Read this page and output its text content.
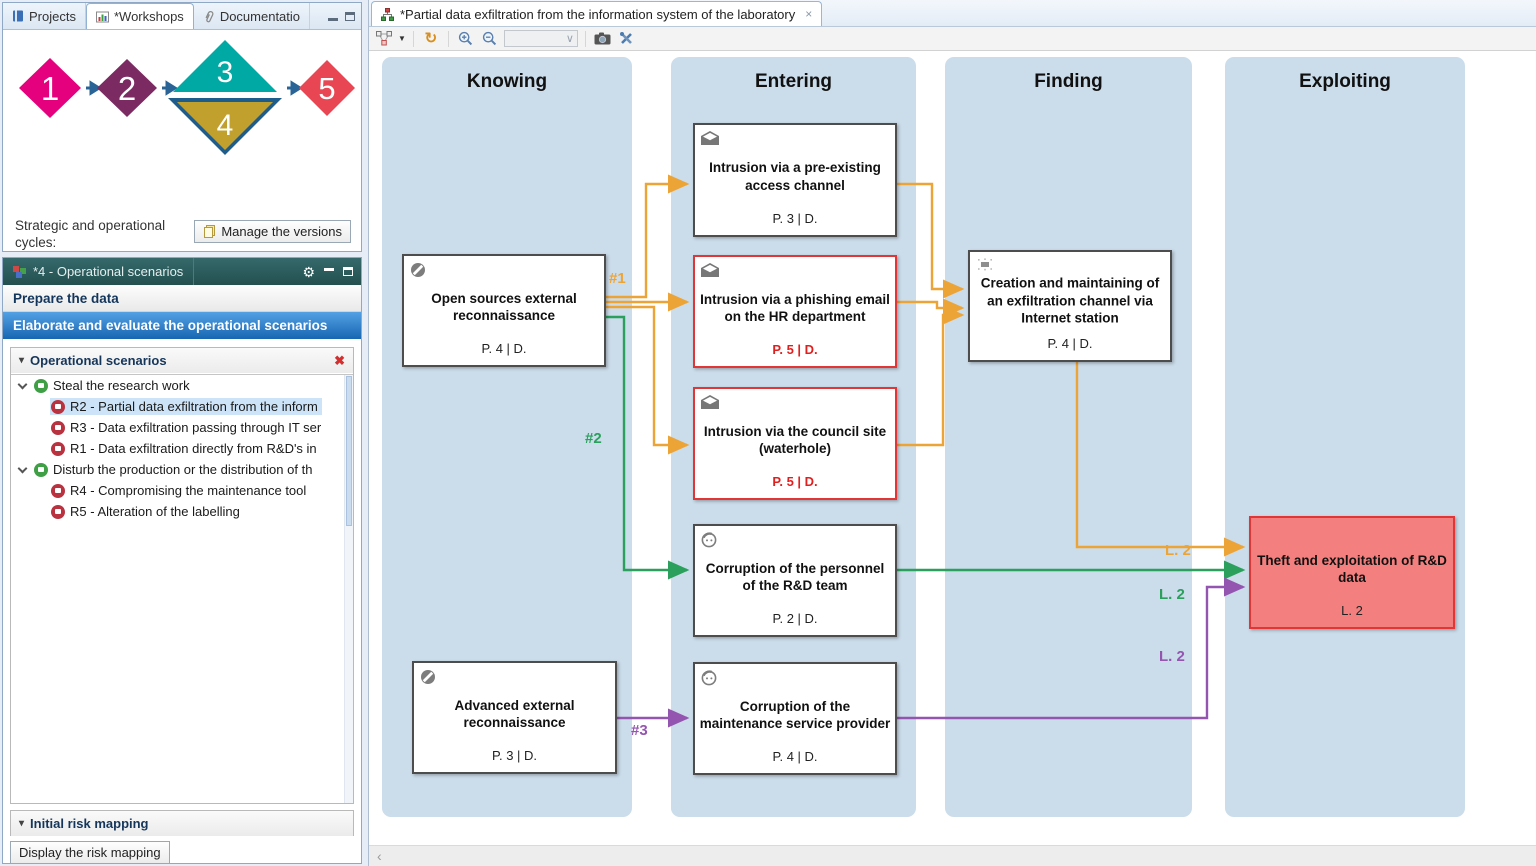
Projects	*Workshops	Documentatio
1 2	3
4
5
Strategic and operational
cycles:
Manage the versions
*4 - Operational scenarios	⚙
Prepare the data
Elaborate and evaluate the operational scenarios
▾ Operational scenarios	✖
Steal the research work
R2 - Partial data exfiltration from the inform
R3 - Data exfiltration passing through IT ser
R1 - Data exfiltration directly from R&D's in
Disturb the production or the distribution of th
R4 - Compromising the maintenance tool
R5 - Alteration of the labelling
▾ Initial risk mapping
Display the risk mapping
*Partial data exfiltration from the information system of the laboratory ×
▼ ↻	∨
Knowing	Entering	Finding	Exploiting
#1
#2
#3
L. 2
L. 2
L. 2
Open sources external reconnaissance
P. 4 | D.
Advanced external reconnaissance
P. 3 | D.
Intrusion via a pre-existing access channel
P. 3 | D.
Intrusion via a phishing email on the HR department
P. 5 | D.
Intrusion via the council site (waterhole)
P. 5 | D.
Corruption of the personnel of the R&D team
P. 2 | D.
Corruption of the maintenance service provider
P. 4 | D.
Creation and maintaining of an exfiltration channel via Internet station
P. 4 | D.
Theft and exploitation of R&D data
L. 2
‹
